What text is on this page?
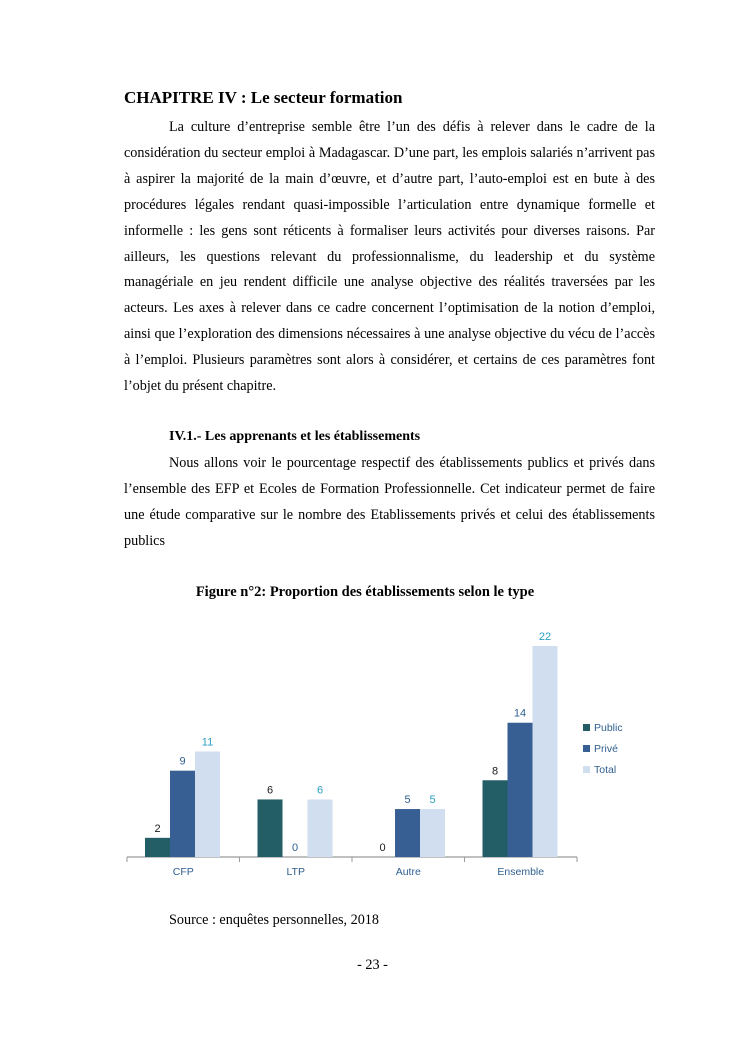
CHAPITRE IV : Le secteur formation

La culture d’entreprise semble être l’un des défis à relever dans le cadre de la considération du secteur emploi à Madagascar. D’une part, les emplois salariés n’arrivent pas à aspirer la majorité de la main d’œuvre, et d’autre part, l’auto-emploi est en bute à des procédures légales rendant quasi-impossible l’articulation entre dynamique formelle et informelle : les gens sont réticents à formaliser leurs activités pour diverses raisons. Par ailleurs, les questions relevant du professionnalisme, du leadership et du système managériale en jeu rendent difficile une analyse objective des réalités traversées par les acteurs. Les axes à relever dans ce cadre concernent l’optimisation de la notion d’emploi, ainsi que l’exploration des dimensions nécessaires à une analyse objective du vécu de l’accès à l’emploi. Plusieurs paramètres sont alors à considérer, et certains de ces paramètres font l’objet du présent chapitre.

IV.1.- Les apprenants et les établissements

Nous allons voir le pourcentage respectif des établissements publics et privés dans l’ensemble des EFP et Ecoles de Formation Professionnelle. Cet indicateur permet de faire une étude comparative sur le nombre des Etablissements privés et celui des établissements publics

Figure n°2: Proportion des établissements selon le type

2
9
11
CFP
6
0
6
LTP
0
5 5
Autre
8
14
22
Ensemble
Public
Privé
Total

Source : enquêtes personnelles, 2018

- 23 -
